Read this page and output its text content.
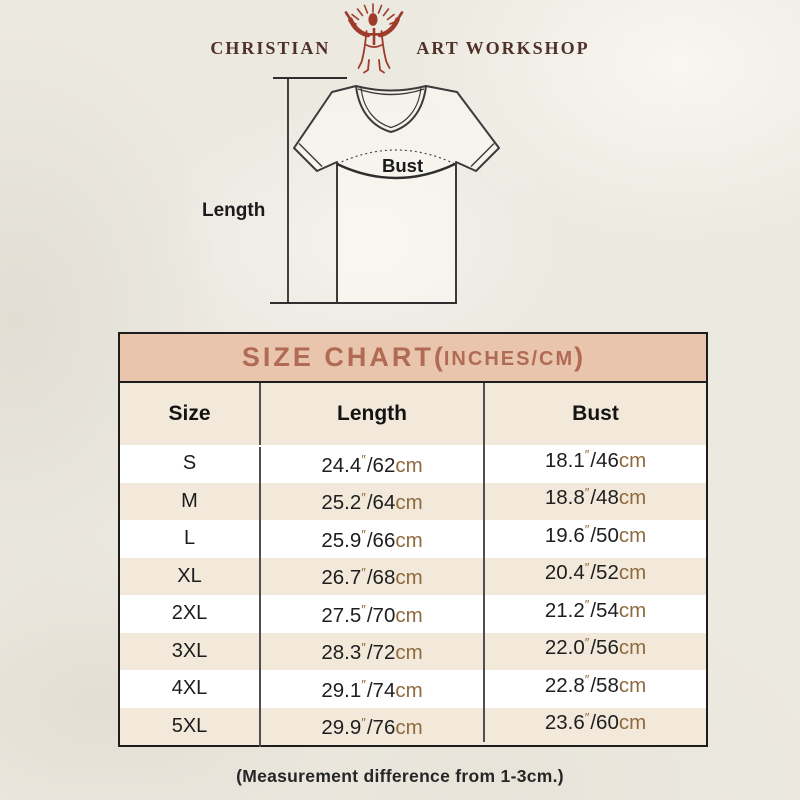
CHRISTIAN	ART WORKSHOP
Length
Bust
SIZE CHART ( INCHES/CM )
Size	Length	Bust
S	24.4 ″ /62 cm	18.1 ″ /46 cm
M	25.2 ″ /64 cm	18.8 ″ /48 cm
L	25.9 ″ /66 cm	19.6 ″ /50 cm
XL	26.7 ″ /68 cm	20.4 ″ /52 cm
2XL	27.5 ″ /70 cm	21.2 ″ /54 cm
3XL	28.3 ″ /72 cm	22.0 ″ /56 cm
4XL	29.1 ″ /74 cm	22.8 ″ /58 cm
5XL	29.9 ″ /76 cm	23.6 ″ /60 cm
(Measurement difference from 1-3cm.)
